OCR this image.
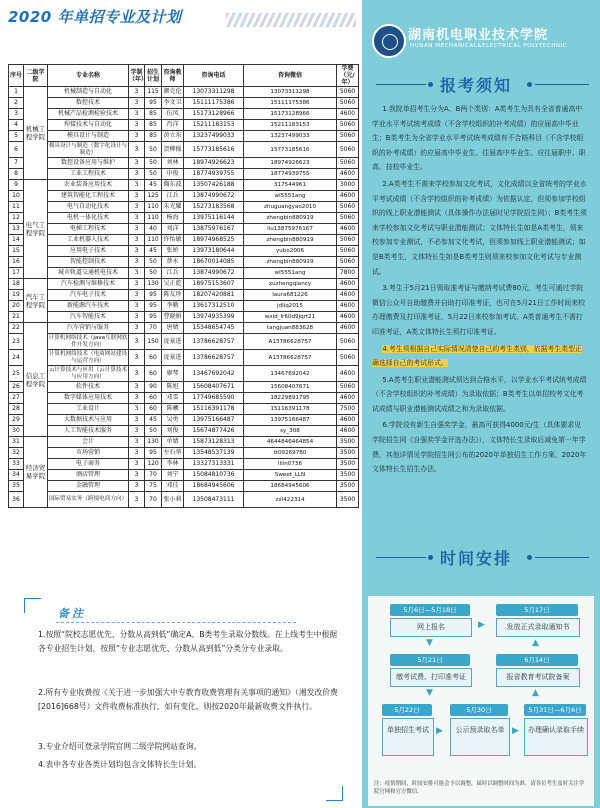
2020 年单招专业及计划
序号	二级学院	专业名称	学制（年）	招生计划	咨询教师	咨询电话	咨询微信	学费（元/年）
1	机械工程学院	机械制造与自动化	3	115	颜克伦	13073311298	13073311298	5060
2		数控技术	3	95	李文卫	15111175386	15111175386	5060
3		机械产品检测检验技术	3	85	伍凤	15173128966	15173128966	4600
4		焊接技术与自动化	3	85	肖洋	15211183153	15211183153	5060
5		模具设计与制造	3	85	黄立东	13237499033	13237499033	5060
6		模具设计与制造（数字化设计与制造）	3	50	贺柳操	15773185616	15773185616	5060
7		数控设备应用与维护	3	50	刘林	18974926623	18974926623	5060
8		工业工程技术	3	50	申俊	18774939755	18774939755	4600
9	电气工程学院	农业装备应用技术	3	45	陶东波	13507426188	317544961	3000
10		建筑智能化工程技术	3	125	江兵	13874990672	wl5551ang	4600
11		电气自动化技术	3	110	朱光耀	15273183568	zhuguangyao2010	5060
12		电机一体化技术	3	110	杨海	13975116144	zhengbin880919	5060
13		电梯工程技术	3	40	刘洋	13875976167	liu13875976167	4600
14		工业机器人技术	3	110	许怡敏	18974968525	zhengbin880919	5060
15		应用电子技术	3	45	张娇	13973180644	yubo2006	5060
16		智能控制技术	3	50	蔡永	18670014085	zhengbin880919	5060
17		城市轨道交通机电技术	3	50	江兵	13874990672	wl5551ang	7800
18	汽车工程学院	汽车检测与维修技术	3	130	吴正乾	18975153607	xuzhengqiancy	4600
19		汽车电子技术	3	95	陈友珍	18207420881	laura681226	4600
20		新能源汽车技术	3	95	李勤	13617312510	jdliq2015	4600
21		汽车智能技术	3	95	曹晓娟	13974935399	wxid_lr60d9jqrt21	4600
22	信息工程学院	汽车营销与服务	3	70	唐婧	15348654745	tangjuan883628	4600
23		计算机网络技术（java互联网软件开发方向）	3	150	庞景进	13786628757	A13786628757	5060
24		计算机网络技术（电商网站建设与运营方向）	3	60	庞景进	13786628757	A13786628757	5060
25		云计算技术与应用（云计算技术与应用方向）	3	60	廖琴	13467692042	13467692042	4600
26		软件技术	3	90	陈旭	15608407671	15608407671	5060
27		数字媒体应用技术	3	60	邓雪	17749685590	18229891795	4600
28		工业设计	3	60	陈曦	15116391178	15116391178	7500
29		大数据技术与应用	3	45	吴勇	13975166487	13975166487	4600
30		人工智能技术服务	3	50	刘俊	15674877426	sy_308	4600
31	经济贸易学院	会计	3	130	单婧	15873128313	4644846464854	3500
32		市场营销	3	95	左石华	13548537139	tt09269780	3500
33		电子商务	3	120	李林	13327313331	lilin0736	3500
34		酒店管理	3	70	刘宁	15084810736	Sweet_LLN	3500
35		金融管理	3	75	邓佳	18684945606	18684945606	3500
36		国际贸易实务（跨境电商方向）	3	70	张小莉	13508473111	zxl422314	3500
备注
1.按照“院校志愿优先、分数从高到低”确定A、B类考生录取分数线。在上线考生中根据各专业招生计划，按照“专业志愿优先、分数从高到低”分类分专业录取。
2.所有专业收费按《关于进一步加强大中专教育收费管理有关事项的通知》（湘发改价费[2016]668号）文件收费标准执行，如有变化，则按2020年最新收费文件执行。
3.专业介绍可登录学院官网二级学院网站查询。
4.表中各专业各类计划均包含文体特长生计划。
湖南机电职业技术学院
HUNAN MECHANICAL&ELECTRICAL POLYTECHNIC
报考须知

1.我院单招考生分为A、B两个类别：A类考生为具有全省普通高中学业水平考试统考成绩（不含学校组织的补考成绩）的应届高中毕业生；B类考生为全省学业水平考试统考成绩有不合格科目（不含学校组织的补考成绩）的应届高中毕业生、往届高中毕业生、应往届职中、职高、技校毕业生。

2.A类考生不需来学校参加文化考试，文化成绩以全省统考的学业水平考试成绩（不含学校组织的补考成绩）为依据认定，但须参加学校组织的线上职业潜能测试（具体操作办法届时见学院招生网）；B类考生须来学校参加文化考试与职业潜能测试；文体特长生如是A类考生，须来校参加专业测试，不必参加文化考试，但须参加线上职业潜能测试；如是B类考生，文体特长生如是B类考生则须来校参加文化考试与专业测试。

3.考生于5月21日领取准考证与缴纳考试费80元，考生可通过学院微信公众号自助缴费并自助打印准考证，也可在5月21日工作时间来校办理缴费及打印准考证，5月22日来校参加考试。A类普通考生不需打印准考证，A类文体特长生须打印准考证。

4.考生须根据自己实际情况清楚自己的考生类别，依据考生类型正确选择自己的考试形式。

5.A类考生职业潜能测试须达到合格水平，以学业水平考试统考成绩（不含学校组织的补考成绩）为录取依据；B类考生以单招校考文化考试成绩与职业潜能测试成绩之和为录取依据。

6.学院设有新生自强奖学金，最高可获得4000元/生（具体要求见学院招生网《自强奖学金评选办法》），文体特长生录取后减免第一年学费，其他详情见学院招生网公布的2020年单独招生工作方案、2020年文体特长生招生办法。

时间安排
5月6日—5月18日
网上报名	▶
5月17日
发放正式录取通知书
▼	▲
5月21日
缴考试费、打印准考证
6月14日
报省教育考试院备案
▼	▲
5月22日
单独招生考试 ▶
5月30日
公示预录取名单 ▶
5月31日—6月6日
办理确认录取手续
注：疫情期间，时间安排可能会予以调整，届时以调整时间为准，请各位考生及时关注学院官网和官方微信。
